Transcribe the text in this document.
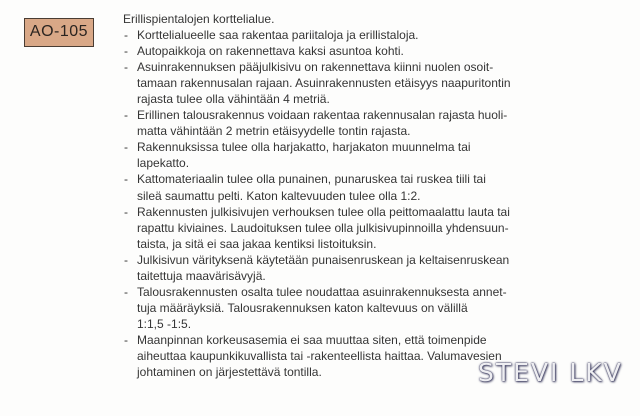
AO-105

Erillispientalojen korttelialue.

- Korttelialueelle saa rakentaa pariitaloja ja erillistaloja.
- Autopaikkoja on rakennettava kaksi asuntoa kohti.
- Asuinrakennuksen pääjulkisivu on rakennettava kiinni nuolen osoit-
tamaan rakennusalan rajaan. Asuinrakennusten etäisyys naapuritontin
rajasta tulee olla vähintään 4 metriä.
- Erillinen talousrakennus voidaan rakentaa rakennusalan rajasta huoli-
matta vähintään 2 metrin etäisyydelle tontin rajasta.
- Rakennuksissa tulee olla harjakatto, harjakaton muunnelma tai
lapekatto.
- Kattomateriaalin tulee olla punainen, punaruskea tai ruskea tiili tai
sileä saumattu pelti. Katon kaltevuuden tulee olla 1:2.
- Rakennusten julkisivujen verhouksen tulee olla peittomaalattu lauta tai
rapattu kiviaines. Laudoituksen tulee olla julkisivupinnoilla yhdensuun-
taista, ja sitä ei saa jakaa kentiksi listoituksin.
- Julkisivun värityksenä käytetään punaisenruskean ja keltaisenruskean
taitettuja maavärisävyjä.
- Talousrakennusten osalta tulee noudattaa asuinrakennuksesta annet-
tuja määräyksiä. Talousrakennuksen katon kaltevuus on välillä
1:1,5 -1:5.
- Maanpinnan korkeusasemia ei saa muuttaa siten, että toimenpide
aiheuttaa kaupunkikuvallista tai -rakenteellista haittaa. Valumavesien
johtaminen on järjestettävä tontilla.	STEVI LKV
